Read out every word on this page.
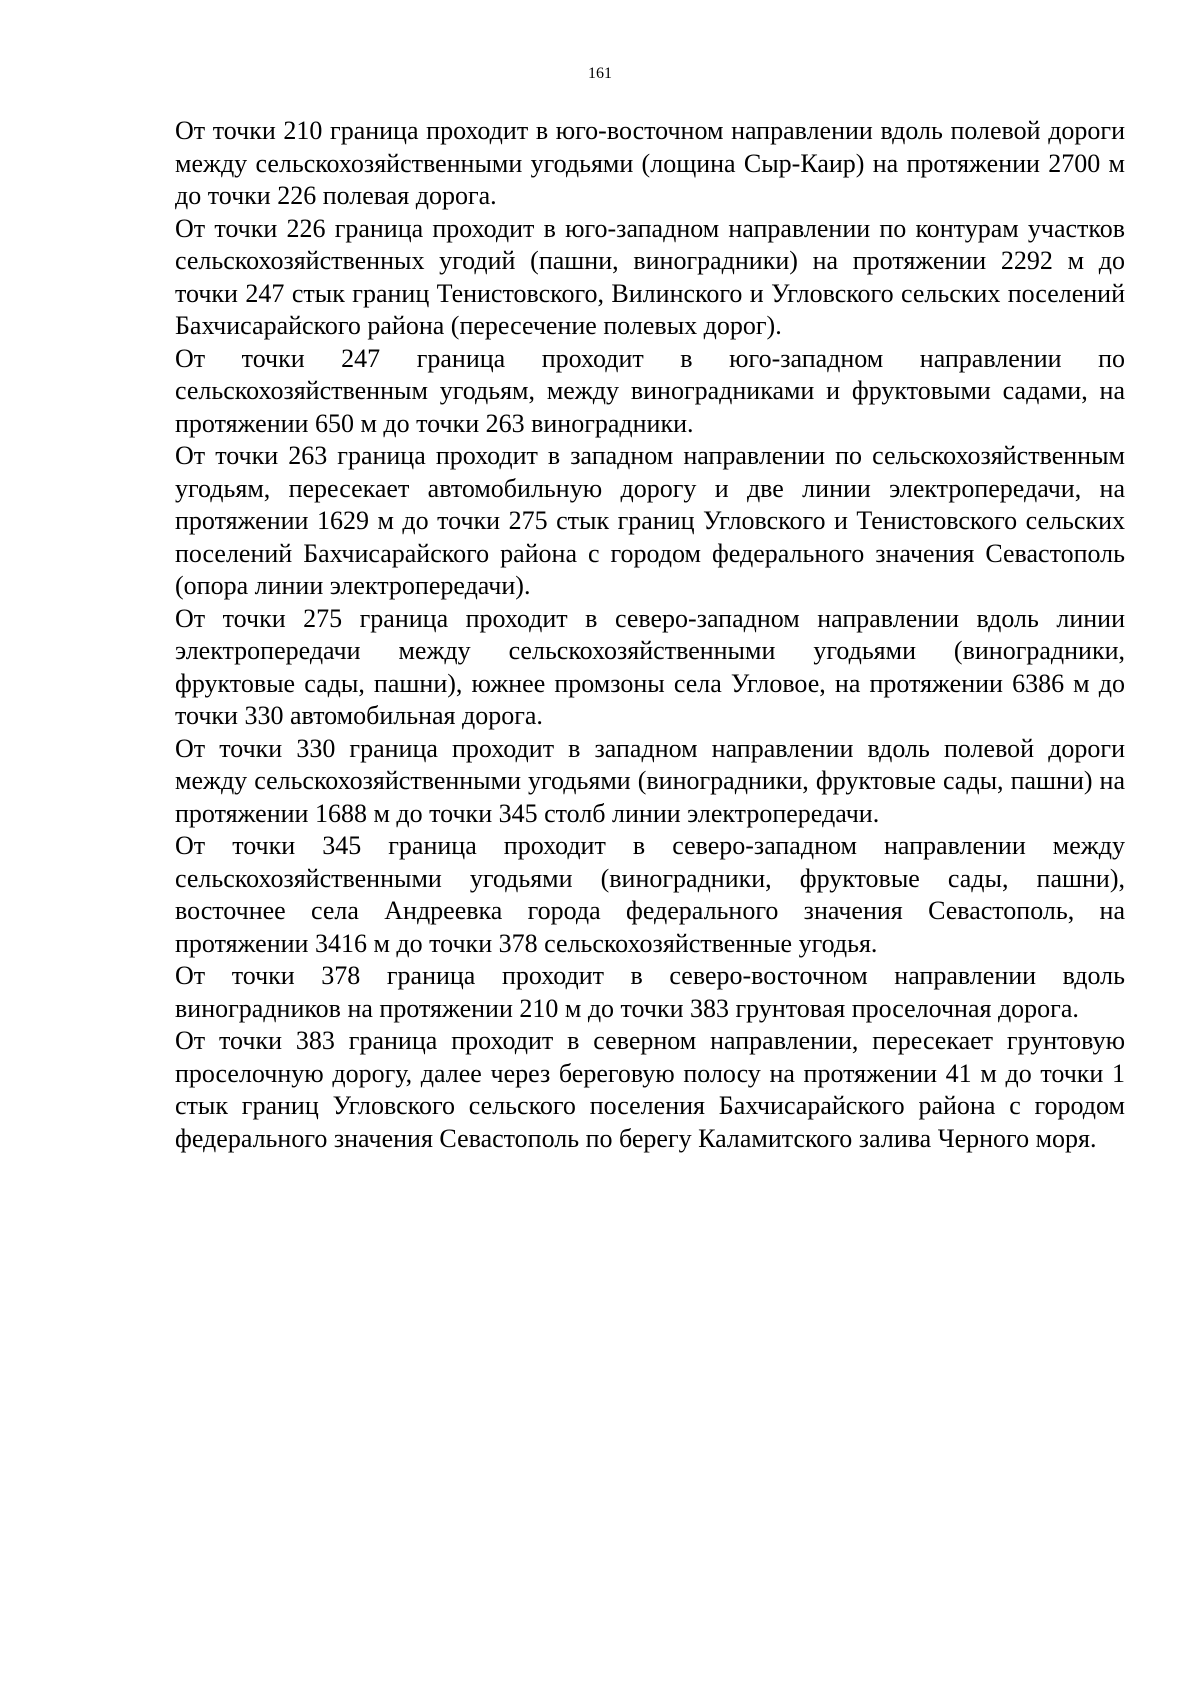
161

От точки 210 граница проходит в юго-восточном направлении вдоль полевой дороги между сельскохозяйственными угодьями (лощина Сыр-Каир) на протяжении 2700 м до точки 226 полевая дорога.

От точки 226 граница проходит в юго-западном направлении по контурам участков сельскохозяйственных угодий (пашни, виноградники) на протяжении 2292 м до точки 247 стык границ Тенистовского, Вилинского и Угловского сельских поселений Бахчисарайского района (пересечение полевых дорог).

От точки 247 граница проходит в юго-западном направлении по сельскохозяйственным угодьям, между виноградниками и фруктовыми садами, на протяжении 650 м до точки 263 виноградники.

От точки 263 граница проходит в западном направлении по сельскохозяйственным угодьям, пересекает автомобильную дорогу и две линии электропередачи, на протяжении 1629 м до точки 275 стык границ Угловского и Тенистовского сельских поселений Бахчисарайского района с городом федерального значения Севастополь (опора линии электропередачи).

От точки 275 граница проходит в северо-западном направлении вдоль линии электропередачи между сельскохозяйственными угодьями (виноградники, фруктовые сады, пашни), южнее промзоны села Угловое, на протяжении 6386 м до точки 330 автомобильная дорога.

От точки 330 граница проходит в западном направлении вдоль полевой дороги между сельскохозяйственными угодьями (виноградники, фруктовые сады, пашни) на протяжении 1688 м до точки 345 столб линии электропередачи.

От точки 345 граница проходит в северо-западном направлении между сельскохозяйственными угодьями (виноградники, фруктовые сады, пашни), восточнее села Андреевка города федерального значения Севастополь, на протяжении 3416 м до точки 378 сельскохозяйственные угодья.

От точки 378 граница проходит в северо-восточном направлении вдоль виноградников на протяжении 210 м до точки 383 грунтовая проселочная дорога.

От точки 383 граница проходит в северном направлении, пересекает грунтовую проселочную дорогу, далее через береговую полосу на протяжении 41 м до точки 1 стык границ Угловского сельского поселения Бахчисарайского района с городом федерального значения Севастополь по берегу Каламитского залива Черного моря.
